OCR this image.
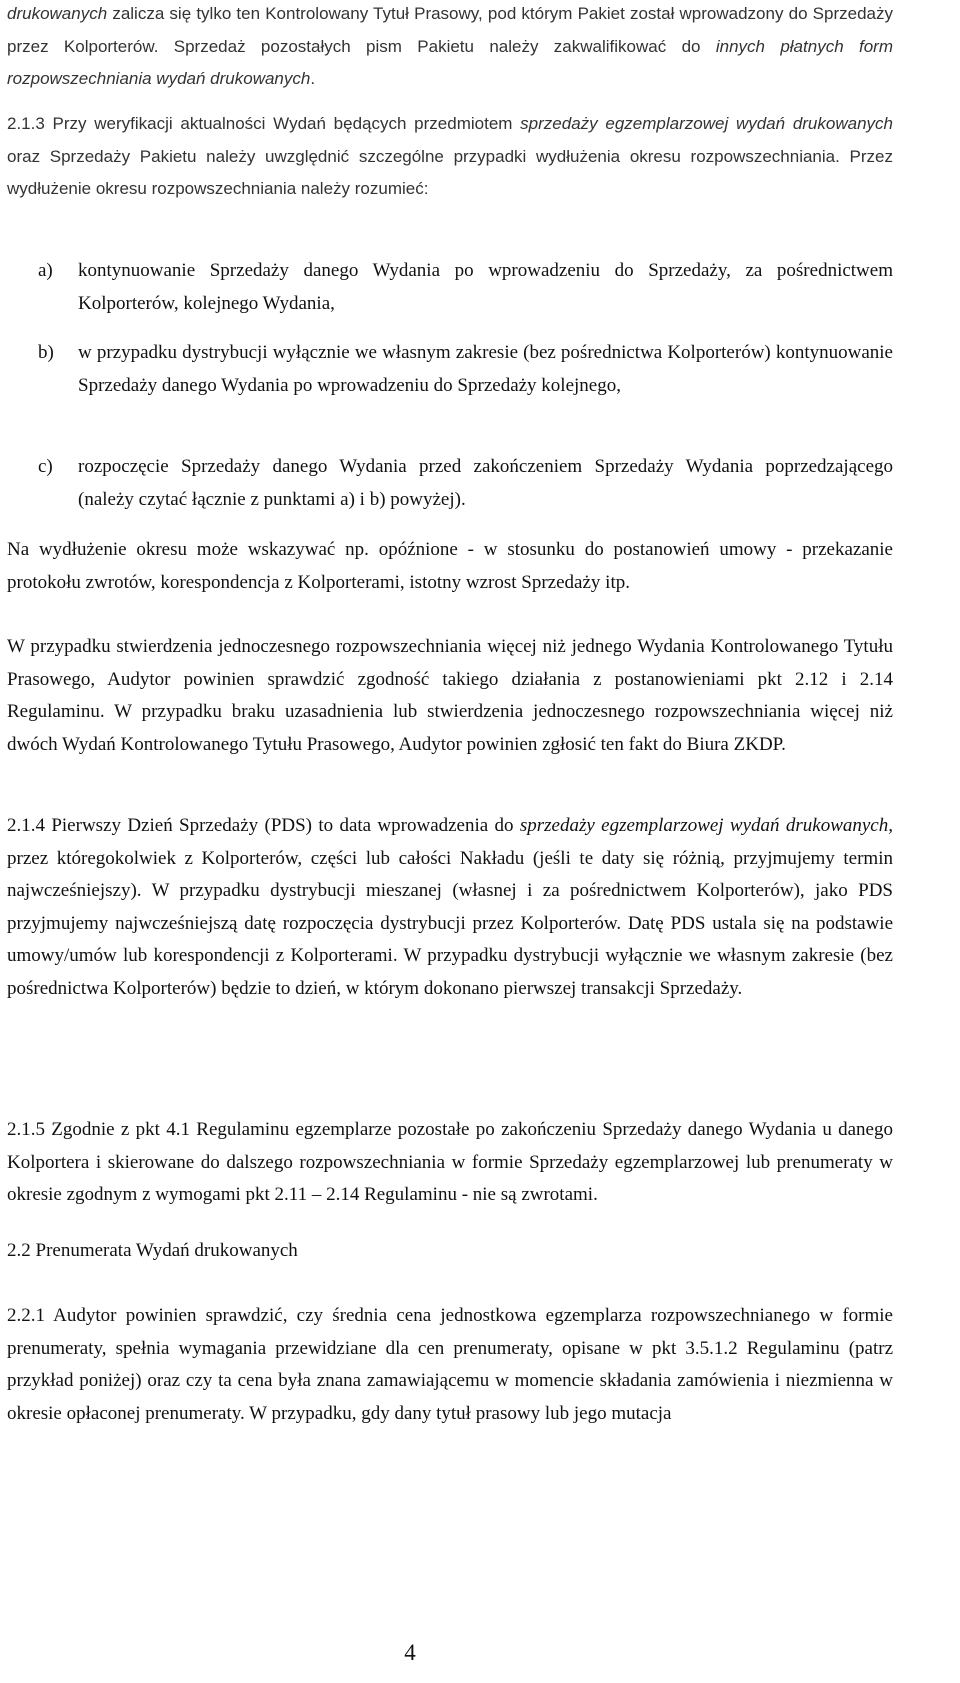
drukowanych zalicza się tylko ten Kontrolowany Tytuł Prasowy, pod którym Pakiet został wprowadzony do Sprzedaży przez Kolporterów. Sprzedaż pozostałych pism Pakietu należy zakwalifikować do innych płatnych form rozpowszechniania wydań drukowanych.

2.1.3 Przy weryfikacji aktualności Wydań będących przedmiotem sprzedaży egzemplarzowej wydań drukowanych oraz Sprzedaży Pakietu należy uwzględnić szczególne przypadki wydłużenia okresu rozpowszechniania. Przez wydłużenie okresu rozpowszechniania należy rozumieć:

a) kontynuowanie Sprzedaży danego Wydania po wprowadzeniu do Sprzedaży, za pośrednictwem Kolporterów, kolejnego Wydania,
b) w przypadku dystrybucji wyłącznie we własnym zakresie (bez pośrednictwa Kolporterów) kontynuowanie Sprzedaży danego Wydania po wprowadzeniu do Sprzedaży kolejnego,
c) rozpoczęcie Sprzedaży danego Wydania przed zakończeniem Sprzedaży Wydania poprzedzającego (należy czytać łącznie z punktami a) i b) powyżej).

Na wydłużenie okresu może wskazywać np. opóźnione - w stosunku do postanowień umowy - przekazanie protokołu zwrotów, korespondencja z Kolporterami, istotny wzrost Sprzedaży itp.

W przypadku stwierdzenia jednoczesnego rozpowszechniania więcej niż jednego Wydania Kontrolowanego Tytułu Prasowego, Audytor powinien sprawdzić zgodność takiego działania z postanowieniami pkt 2.12 i 2.14 Regulaminu. W przypadku braku uzasadnienia lub stwierdzenia jednoczesnego rozpowszechniania więcej niż dwóch Wydań Kontrolowanego Tytułu Prasowego, Audytor powinien zgłosić ten fakt do Biura ZKDP.

2.1.4 Pierwszy Dzień Sprzedaży (PDS) to data wprowadzenia do sprzedaży egzemplarzowej wydań drukowanych, przez któregokolwiek z Kolporterów, części lub całości Nakładu (jeśli te daty się różnią, przyjmujemy termin najwcześniejszy). W przypadku dystrybucji mieszanej (własnej i za pośrednictwem Kolporterów), jako PDS przyjmujemy najwcześniejszą datę rozpoczęcia dystrybucji przez Kolporterów. Datę PDS ustala się na podstawie umowy/umów lub korespondencji z Kolporterami. W przypadku dystrybucji wyłącznie we własnym zakresie (bez pośrednictwa Kolporterów) będzie to dzień, w którym dokonano pierwszej transakcji Sprzedaży.

2.1.5 Zgodnie z pkt 4.1 Regulaminu egzemplarze pozostałe po zakończeniu Sprzedaży danego Wydania u danego Kolportera i skierowane do dalszego rozpowszechniania w formie Sprzedaży egzemplarzowej lub prenumeraty w okresie zgodnym z wymogami pkt 2.11 – 2.14 Regulaminu - nie są zwrotami.

2.2 Prenumerata Wydań drukowanych

2.2.1 Audytor powinien sprawdzić, czy średnia cena jednostkowa egzemplarza rozpowszechnianego w formie prenumeraty, spełnia wymagania przewidziane dla cen prenumeraty, opisane w pkt 3.5.1.2 Regulaminu (patrz przykład poniżej) oraz czy ta cena była znana zamawiającemu w momencie składania zamówienia i niezmienna w okresie opłaconej prenumeraty. W przypadku, gdy dany tytuł prasowy lub jego mutacja

4
